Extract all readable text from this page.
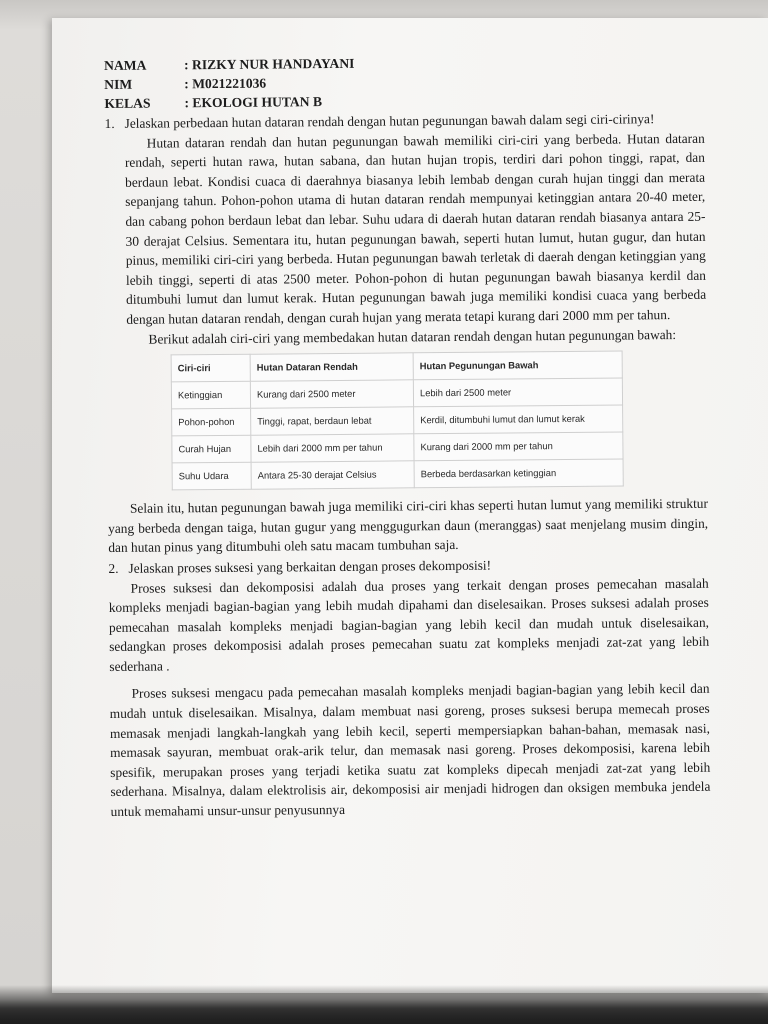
NAMA	: RIZKY NUR HANDAYANI
NIM	: M021221036
KELAS	: EKOLOGI HUTAN B
1. Jelaskan perbedaan hutan dataran rendah dengan hutan pegunungan bawah dalam segi ciri-cirinya!

Hutan dataran rendah dan hutan pegunungan bawah memiliki ciri-ciri yang berbeda. Hutan dataran rendah, seperti hutan rawa, hutan sabana, dan hutan hujan tropis, terdiri dari pohon tinggi, rapat, dan berdaun lebat. Kondisi cuaca di daerahnya biasanya lebih lembab dengan curah hujan tinggi dan merata sepanjang tahun. Pohon-pohon utama di hutan dataran rendah mempunyai ketinggian antara 20-40 meter, dan cabang pohon berdaun lebat dan lebar. Suhu udara di daerah hutan dataran rendah biasanya antara 25-30 derajat Celsius. Sementara itu, hutan pegunungan bawah, seperti hutan lumut, hutan gugur, dan hutan pinus, memiliki ciri-ciri yang berbeda. Hutan pegunungan bawah terletak di daerah dengan ketinggian yang lebih tinggi, seperti di atas 2500 meter. Pohon-pohon di hutan pegunungan bawah biasanya kerdil dan ditumbuhi lumut dan lumut kerak. Hutan pegunungan bawah juga memiliki kondisi cuaca yang berbeda dengan hutan dataran rendah, dengan curah hujan yang merata tetapi kurang dari 2000 mm per tahun.

Berikut adalah ciri-ciri yang membedakan hutan dataran rendah dengan hutan pegunungan bawah:

Ciri-ciri	Hutan Dataran Rendah	Hutan Pegunungan Bawah
Ketinggian	Kurang dari 2500 meter	Lebih dari 2500 meter
Pohon-pohon	Tinggi, rapat, berdaun lebat	Kerdil, ditumbuhi lumut dan lumut kerak
Curah Hujan	Lebih dari 2000 mm per tahun	Kurang dari 2000 mm per tahun
Suhu Udara	Antara 25-30 derajat Celsius	Berbeda berdasarkan ketinggian

Selain itu, hutan pegunungan bawah juga memiliki ciri-ciri khas seperti hutan lumut yang memiliki struktur yang berbeda dengan taiga, hutan gugur yang menggugurkan daun (meranggas) saat menjelang musim dingin, dan hutan pinus yang ditumbuhi oleh satu macam tumbuhan saja.

2. Jelaskan proses suksesi yang berkaitan dengan proses dekomposisi!

Proses suksesi dan dekomposisi adalah dua proses yang terkait dengan proses pemecahan masalah kompleks menjadi bagian-bagian yang lebih mudah dipahami dan diselesaikan. Proses suksesi adalah proses pemecahan masalah kompleks menjadi bagian-bagian yang lebih kecil dan mudah untuk diselesaikan, sedangkan proses dekomposisi adalah proses pemecahan suatu zat kompleks menjadi zat-zat yang lebih sederhana .

Proses suksesi mengacu pada pemecahan masalah kompleks menjadi bagian-bagian yang lebih kecil dan mudah untuk diselesaikan. Misalnya, dalam membuat nasi goreng, proses suksesi berupa memecah proses memasak menjadi langkah-langkah yang lebih kecil, seperti mempersiapkan bahan-bahan, memasak nasi, memasak sayuran, membuat orak-arik telur, dan memasak nasi goreng. Proses dekomposisi, karena lebih spesifik, merupakan proses yang terjadi ketika suatu zat kompleks dipecah menjadi zat-zat yang lebih sederhana. Misalnya, dalam elektrolisis air, dekomposisi air menjadi hidrogen dan oksigen membuka jendela untuk memahami unsur-unsur penyusunnya
